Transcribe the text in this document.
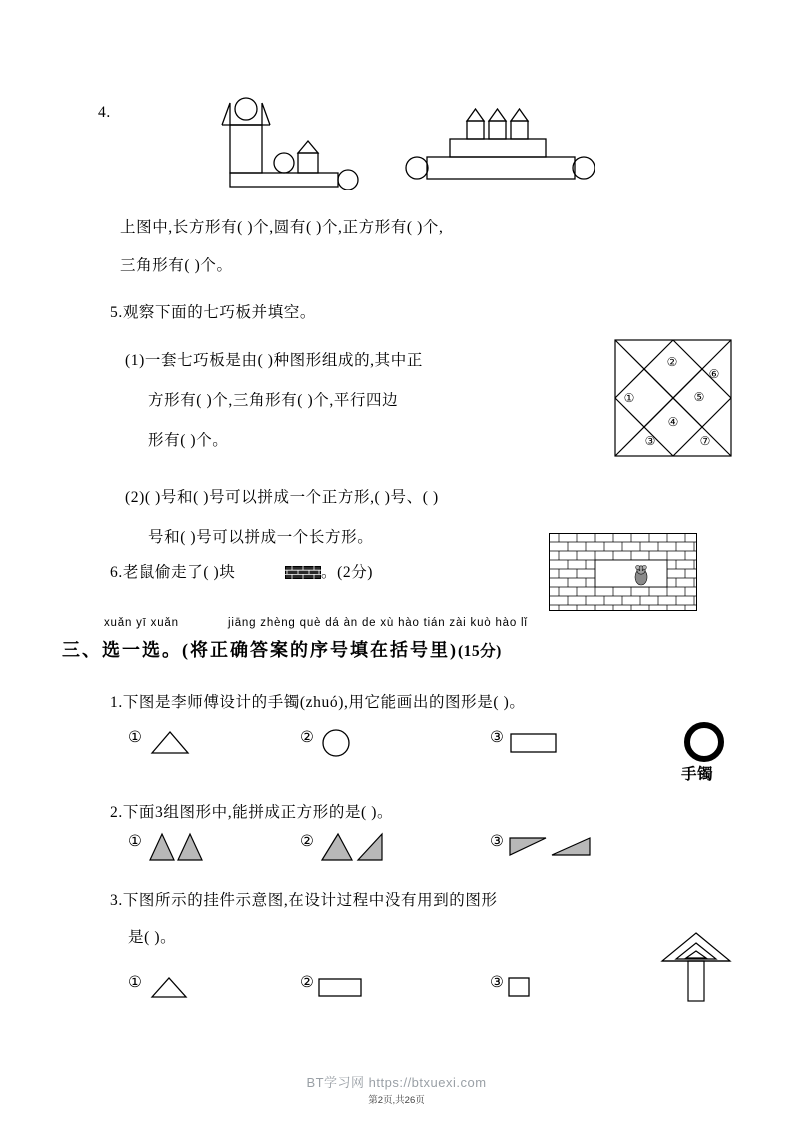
4.
上图中,长方形有( )个,圆有( )个,正方形有( )个,
三角形有( )个。
5.观察下面的七巧板并填空。
(1)一套七巧板是由( )种图形组成的,其中正
方形有( )个,三角形有( )个,平行四边
形有( )个。
①
②
③
④
⑤
⑥
⑦
(2)( )号和( )号可以拼成一个正方形,( )号、( )
号和( )号可以拼成一个长方形。
6.老鼠偷走了( )块	。(2分)
xuǎn yī xuǎn	jiāng zhèng què dá àn de xù hào tián zài kuò hào lǐ
三、选一选。(将正确答案的序号填在括号里)(15分)
1.下图是李师傅设计的手镯(zhuó),用它能画出的图形是( )。
①	②	③
手镯
2.下面3组图形中,能拼成正方形的是( )。
①	②	③
3.下图所示的挂件示意图,在设计过程中没有用到的图形
是( )。
①	②	③
BT学习网 https://btxuexi.com
第2页,共26页
